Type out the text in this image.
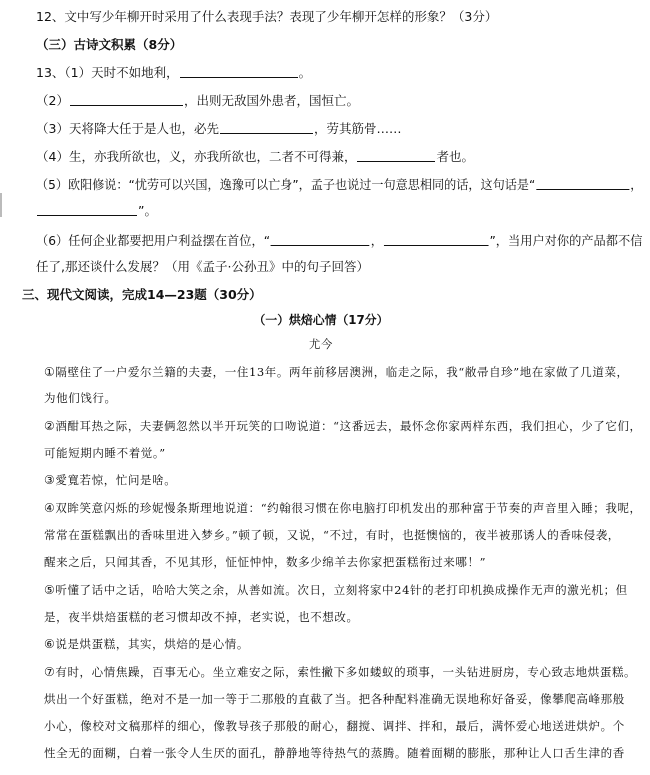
12、文中写少年柳开时采用了什么表现手法？表现了少年柳开怎样的形象？（3分）
（三）古诗文积累（8分）
13、（1）天时不如地利，	。
（2）	，出则无敌国外患者，国恒亡。
（3）天将降大任于是人也，必先	，劳其筋骨……
（4）生，亦我所欲也，义，亦我所欲也，二者不可得兼，	者也。
（5）欧阳修说：“忧劳可以兴国，逸豫可以亡身”，孟子也说过一句意思相同的话，这句话是“	，
”。
（6）任何企业都要把用户利益摆在首位，“	，	”，当用户对你的产品都不信
任了,那还谈什么发展？（用《孟子·公孙丑》中的句子回答）
三、现代文阅读，完成14—23题（30分）
（一）烘焙心情（17分）
尤今
①隔壁住了一户爱尔兰籍的夫妻，一住13年。两年前移居澳洲，临走之际，我“敝帚自珍”地在家做了几道菜，
为他们饯行。
②酒酣耳热之际，夫妻俩忽然以半开玩笑的口吻说道：“这番远去，最怀念你家两样东西，我们担心，少了它们，
可能短期内睡不着觉。”
③愛寬若惊，忙问是啥。
④双眸笑意闪烁的珍妮慢条斯理地说道：“约翰很习惯在你电脑打印机发出的那种富于节奏的声音里入睡；我呢，
常常在蛋糕飘出的香味里进入梦乡。”顿了顿，又说，“不过，有时，也挺懊恼的，夜半被那诱人的香味侵袭，
醒来之后，只闻其香，不见其形，怔怔忡忡，数多少绵羊去你家把蛋糕衔过来哪！”
⑤听懂了话中之话，哈哈大笑之余，从善如流。次日，立刻将家中24针的老打印机换成操作无声的激光机；但
是，夜半烘焙蛋糕的老习惯却改不掉，老实说，也不想改。
⑥说是烘蛋糕，其实，烘焙的是心情。
⑦有时，心情焦躁，百事无心。坐立难安之际，索性撇下多如蝼蚁的琐事，一头钻进厨房，专心致志地烘蛋糕。
烘出一个好蛋糕，绝对不是一加一等于二那般的直截了当。把各种配料准确无误地称好备妥，像攀爬高峰那般
小心，像校对文稿那样的细心，像教导孩子那般的耐心，翻搅、调拌、拌和，最后，满怀爱心地送进烘炉。个
性全无的面糊，白着一张令人生厌的面孔，静静地等待热气的蒸腾。随着面糊的膨胀，那种让人口舌生津的香
